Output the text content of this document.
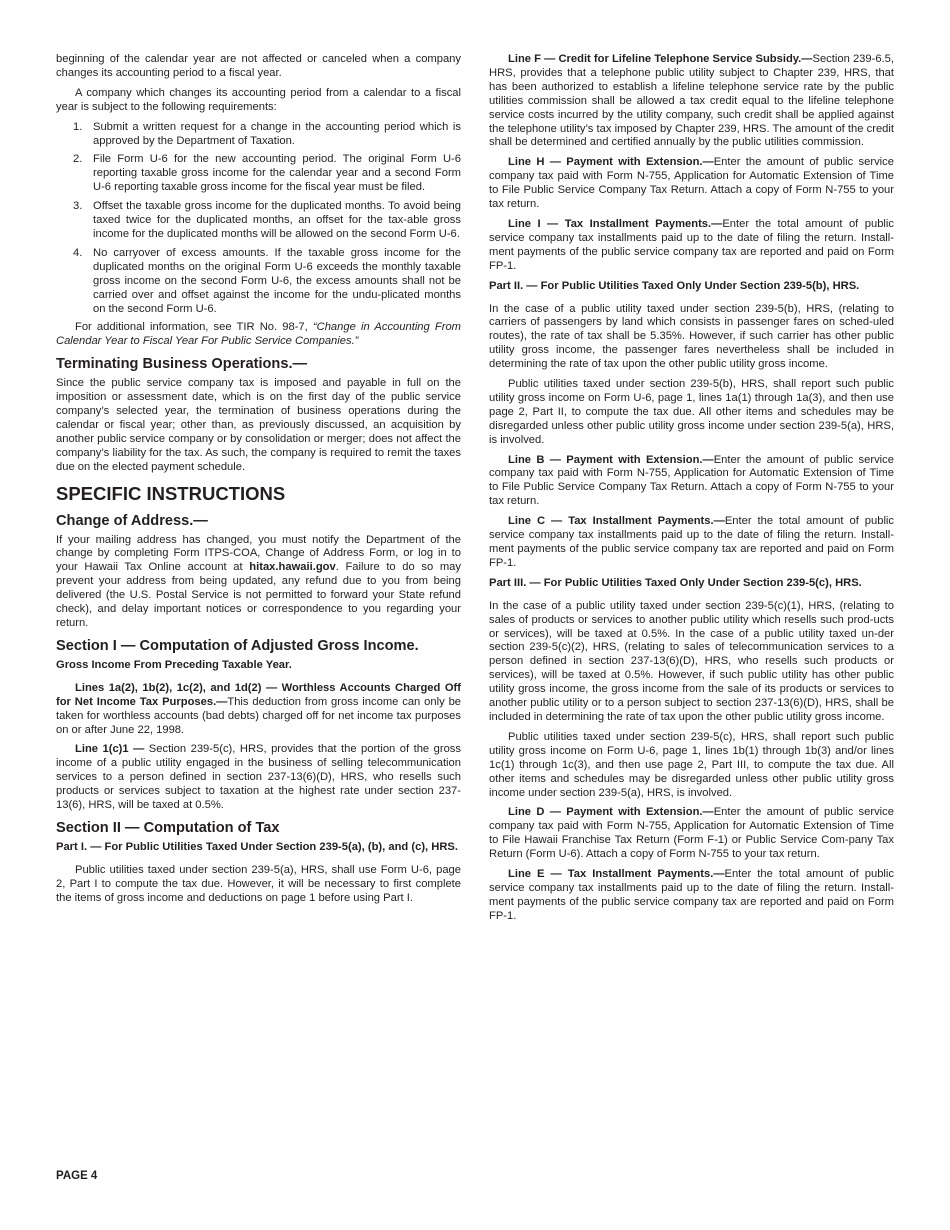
beginning of the calendar year are not affected or canceled when a company changes its accounting period to a fiscal year.

A company which changes its accounting period from a calendar to a fiscal year is subject to the following requirements:

1. Submit a written request for a change in the accounting period which is approved by the Department of Taxation.
2. File Form U-6 for the new accounting period. The original Form U-6 reporting taxable gross income for the calendar year and a second Form U-6 reporting taxable gross income for the fiscal year must be filed.
3. Offset the taxable gross income for the duplicated months. To avoid being taxed twice for the duplicated months, an offset for the tax-able gross income for the duplicated months will be allowed on the second Form U-6.
4. No carryover of excess amounts. If the taxable gross income for the duplicated months on the original Form U-6 exceeds the monthly taxable gross income on the second Form U-6, the excess amounts shall not be carried over and offset against the income for the undu-plicated months on the second Form U-6.

For additional information, see TIR No. 98-7, “Change in Accounting From Calendar Year to Fiscal Year For Public Service Companies.”

Terminating Business Operations.—

Since the public service company tax is imposed and payable in full on the imposition or assessment date, which is on the first day of the public service company’s selected year, the termination of business operations during the calendar or fiscal year; other than, as previously discussed, an acquisition by another public service company or by consolidation or merger; does not affect the company’s liability for the tax. As such, the company is required to remit the taxes due on the elected payment schedule.

SPECIFIC INSTRUCTIONS
Change of Address.—

If your mailing address has changed, you must notify the Department of the change by completing Form ITPS-COA, Change of Address Form, or log in to your Hawaii Tax Online account at hitax.hawaii.gov. Failure to do so may prevent your address from being updated, any refund due to you from being delivered (the U.S. Postal Service is not permitted to forward your State refund check), and delay important notices or correspondence to you regarding your return.

Section I — Computation of Adjusted Gross Income.
Gross Income From Preceding Taxable Year.

Lines 1a(2), 1b(2), 1c(2), and 1d(2) — Worthless Accounts Charged Off for Net Income Tax Purposes.—This deduction from gross income can only be taken for worthless accounts (bad debts) charged off for net income tax purposes on or after June 22, 1998.

Line 1(c)1 — Section 239-5(c), HRS, provides that the portion of the gross income of a public utility engaged in the business of selling telecommunication services to a person defined in section 237-13(6)(D), HRS, who resells such products or services subject to taxation at the highest rate under section 237-13(6), HRS, will be taxed at 0.5%.

Section II — Computation of Tax
Part I. — For Public Utilities Taxed Under Section 239-5(a), (b), and (c), HRS.

Public utilities taxed under section 239-5(a), HRS, shall use Form U-6, page 2, Part I to compute the tax due. However, it will be necessary to first complete the items of gross income and deductions on page 1 before using Part I.

Line F — Credit for Lifeline Telephone Service Subsidy.—Section 239-6.5, HRS, provides that a telephone public utility subject to Chapter 239, HRS, that has been authorized to establish a lifeline telephone service rate by the public utilities commission shall be allowed a tax credit equal to the lifeline telephone service costs incurred by the utility company, such credit shall be applied against the telephone utility’s tax imposed by Chapter 239, HRS. The amount of the credit shall be determined and certified annually by the public utilities commission.

Line H — Payment with Extension.—Enter the amount of public service company tax paid with Form N-755, Application for Automatic Extension of Time to File Public Service Company Tax Return. Attach a copy of Form N-755 to your tax return.

Line I — Tax Installment Payments.—Enter the total amount of public service company tax installments paid up to the date of filing the return. Install-ment payments of the public service company tax are reported and paid on Form FP-1.

Part II. — For Public Utilities Taxed Only Under Section 239-5(b), HRS.

In the case of a public utility taxed under section 239-5(b), HRS, (relating to carriers of passengers by land which consists in passenger fares on sched-uled routes), the rate of tax shall be 5.35%. However, if such carrier has other public utility gross income, the passenger fares nevertheless shall be included in determining the rate of tax upon the other public utility gross income.

Public utilities taxed under section 239-5(b), HRS, shall report such public utility gross income on Form U-6, page 1, lines 1a(1) through 1a(3), and then use page 2, Part II, to compute the tax due. All other items and schedules may be disregarded unless other public utility gross income under section 239-5(a), HRS, is involved.

Line B — Payment with Extension.—Enter the amount of public service company tax paid with Form N-755, Application for Automatic Extension of Time to File Public Service Company Tax Return. Attach a copy of Form N-755 to your tax return.

Line C — Tax Installment Payments.—Enter the total amount of public service company tax installments paid up to the date of filing the return. Install-ment payments of the public service company tax are reported and paid on Form FP-1.

Part III. — For Public Utilities Taxed Only Under Section 239-5(c), HRS.

In the case of a public utility taxed under section 239-5(c)(1), HRS, (relating to sales of products or services to another public utility which resells such prod-ucts or services), will be taxed at 0.5%. In the case of a public utility taxed un-der section 239-5(c)(2), HRS, (relating to sales of telecommunication services to a person defined in section 237-13(6)(D), HRS, who resells such products or services), will be taxed at 0.5%. However, if such public utility has other public utility gross income, the gross income from the sale of its products or services to another public utility or to a person subject to section 237-13(6)(D), HRS, shall be included in determining the rate of tax upon the other public utility gross income.

Public utilities taxed under section 239-5(c), HRS, shall report such public utility gross income on Form U-6, page 1, lines 1b(1) through 1b(3) and/or lines 1c(1) through 1c(3), and then use page 2, Part III, to compute the tax due. All other items and schedules may be disregarded unless other public utility gross income under section 239-5(a), HRS, is involved.

Line D — Payment with Extension.—Enter the amount of public service company tax paid with Form N-755, Application for Automatic Extension of Time to File Hawaii Franchise Tax Return (Form F-1) or Public Service Com-pany Tax Return (Form U-6). Attach a copy of Form N-755 to your tax return.

Line E — Tax Installment Payments.—Enter the total amount of public service company tax installments paid up to the date of filing the return. Install-ment payments of the public service company tax are reported and paid on Form FP-1.

PAGE 4
